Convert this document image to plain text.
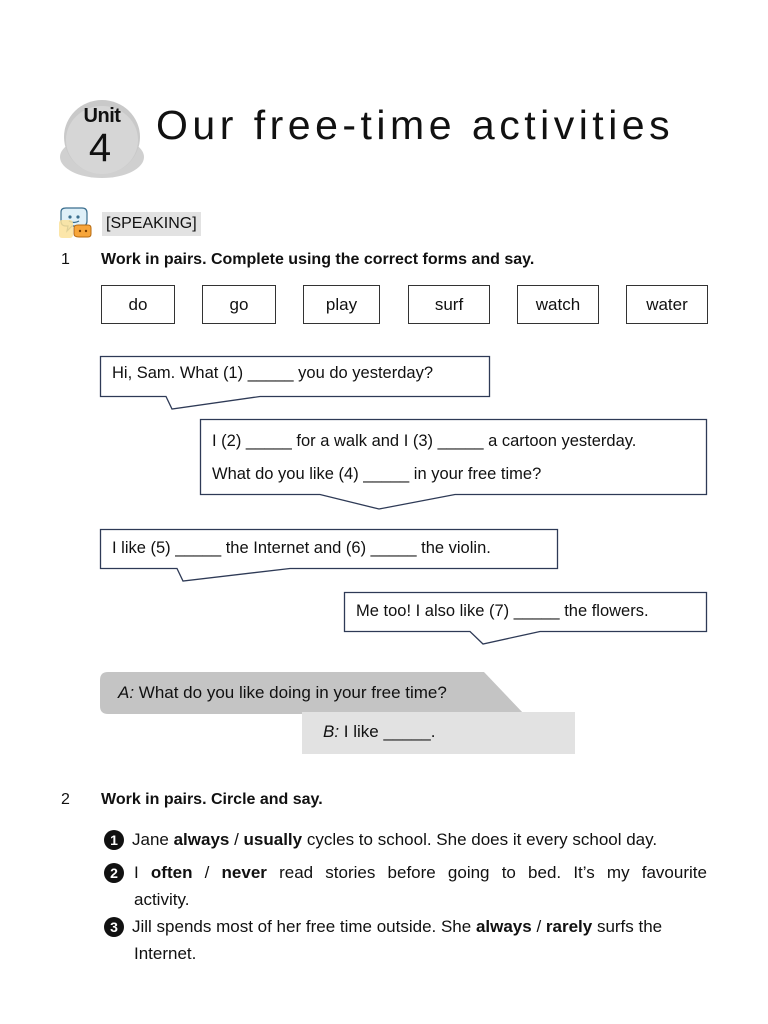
Unit
4 Our free-time activities
[SPEAKING]
1 Work in pairs. Complete using the correct forms and say.
do	go	play	surf	watch	water
Hi, Sam. What (1) _____ you do yesterday?
I (2) _____ for a walk and I (3) _____ a cartoon yesterday.
What do you like (4) _____ in your free time?
I like (5) _____ the Internet and (6) _____ the violin.
Me too! I also like (7) _____ the flowers.
A: What do you like doing in your free time?
B: I like _____.
2 Work in pairs. Circle and say.
1 Jane always / usually cycles to school. She does it every school day.
2 I often / never read stories before going to bed. It’s my favourite
activity.
3 Jill spends most of her free time outside. She always / rarely surfs the
Internet.
